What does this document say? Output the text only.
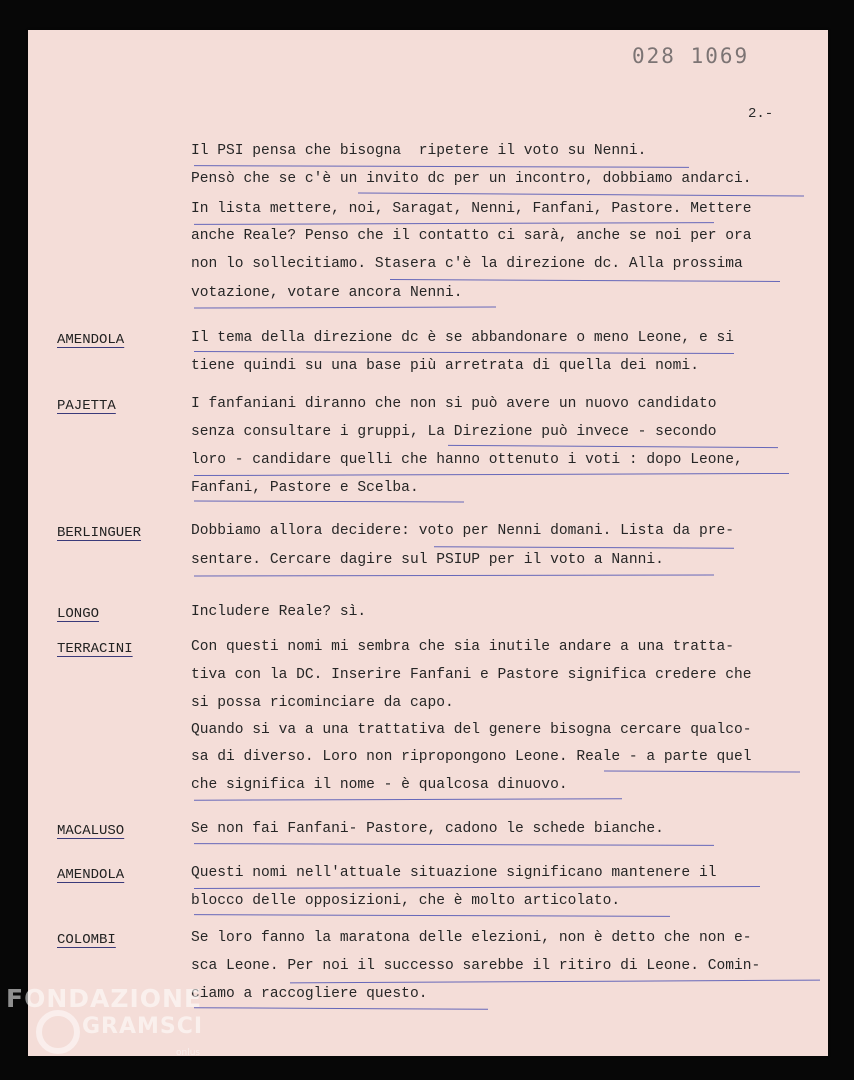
028 1069
2.-
Il PSI pensa che bisogna  ripetere il voto su Nenni.
Pensò che se c'è un invito dc per un incontro, dobbiamo andarci.
In lista mettere, noi, Saragat, Nenni, Fanfani, Pastore. Mettere
anche Reale? Penso che il contatto ci sarà, anche se noi per ora
non lo sollecitiamo. Stasera c'è la direzione dc. Alla prossima
votazione, votare ancora Nenni.
AMENDOLA	Il tema della direzione dc è se abbandonare o meno Leone, e si
tiene quindi su una base più arretrata di quella dei nomi.
PAJETTA	I fanfaniani diranno che non si può avere un nuovo candidato
senza consultare i gruppi, La Direzione può invece - secondo
loro - candidare quelli che hanno ottenuto i voti : dopo Leone,
Fanfani, Pastore e Scelba.
BERLINGUER	Dobbiamo allora decidere: voto per Nenni domani. Lista da pre-
sentare. Cercare dagire sul PSIUP per il voto a Nanni.
LONGO	Includere Reale? sì.
TERRACINI	Con questi nomi mi sembra che sia inutile andare a una tratta-
tiva con la DC. Inserire Fanfani e Pastore significa credere che
si possa ricominciare da capo.
Quando si va a una trattativa del genere bisogna cercare qualco-
sa di diverso. Loro non ripropongono Leone. Reale - a parte quel
che significa il nome - è qualcosa dinuovo.
MACALUSO	Se non fai Fanfani- Pastore, cadono le schede bianche.
AMENDOLA	Questi nomi nell'attuale situazione significano mantenere il
blocco delle opposizioni, che è molto articolato.
COLOMBI	Se loro fanno la maratona delle elezioni, non è detto che non e-
sca Leone. Per noi il successo sarebbe il ritiro di Leone. Comin-
ciamo a raccogliere questo.
FONDAZIONE
GRAMSCI
onlus
